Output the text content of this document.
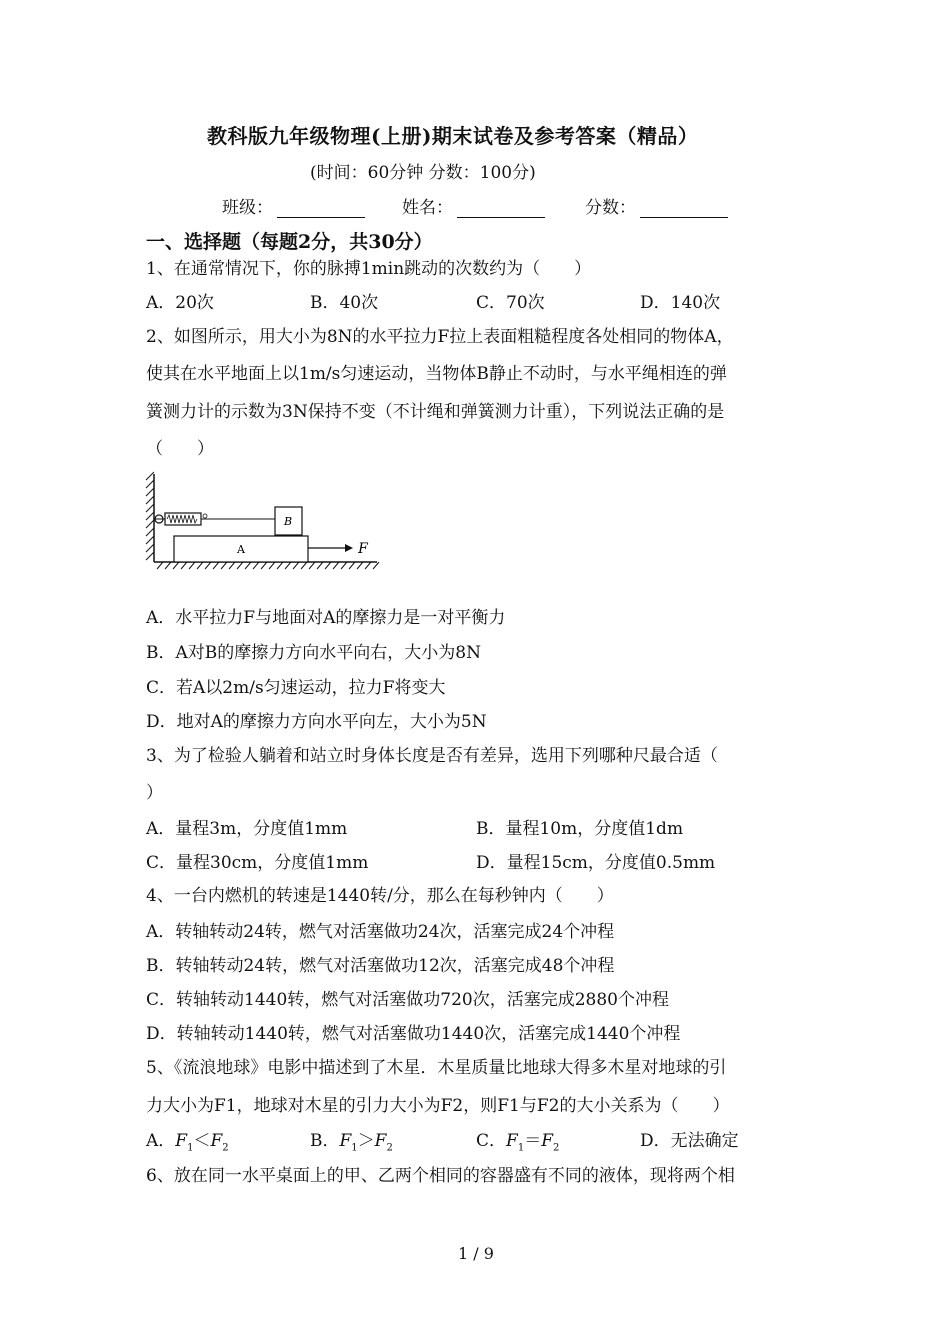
教科版九年级物理(上册)期末试卷及参考答案（精品）
(时间：60分钟 分数：100分)
班级：	姓名：	分数：
一、选择题（每题2分，共30分）
1、在通常情况下，你的脉搏1min跳动的次数约为（　　）
A．20次	B．40次	C．70次	D．140次
2、如图所示，用大小为8N的水平拉力F拉上表面粗糙程度各处相同的物体A，
使其在水平地面上以1m/s匀速运动，当物体B静止不动时，与水平绳相连的弹
簧测力计的示数为3N保持不变（不计绳和弹簧测力计重），下列说法正确的是
（　　）
B
A	F
A．水平拉力F与地面对A的摩擦力是一对平衡力
B．A对B的摩擦力方向水平向右，大小为8N
C．若A以2m/s匀速运动，拉力F将变大
D．地对A的摩擦力方向水平向左，大小为5N
3、为了检验人躺着和站立时身体长度是否有差异，选用下列哪种尺最合适（
）
A．量程3m，分度值1mm	B．量程10m，分度值1dm
C．量程30cm，分度值1mm	D．量程15cm，分度值0.5mm
4、一台内燃机的转速是1440转/分，那么在每秒钟内（　　）
A．转轴转动24转，燃气对活塞做功24次，活塞完成24个冲程
B．转轴转动24转，燃气对活塞做功12次，活塞完成48个冲程
C．转轴转动1440转，燃气对活塞做功720次，活塞完成2880个冲程
D．转轴转动1440转，燃气对活塞做功1440次，活塞完成1440个冲程
5、《流浪地球》电影中描述到了木星．木星质量比地球大得多木星对地球的引
力大小为F1，地球对木星的引力大小为F2，则F1与F2的大小关系为（　　）
A．$F_1<F_2$	B．$F_1>F_2$	C．$F_1=F_2$	D．无法确定
6、放在同一水平桌面上的甲、乙两个相同的容器盛有不同的液体，现将两个相
1 / 9
